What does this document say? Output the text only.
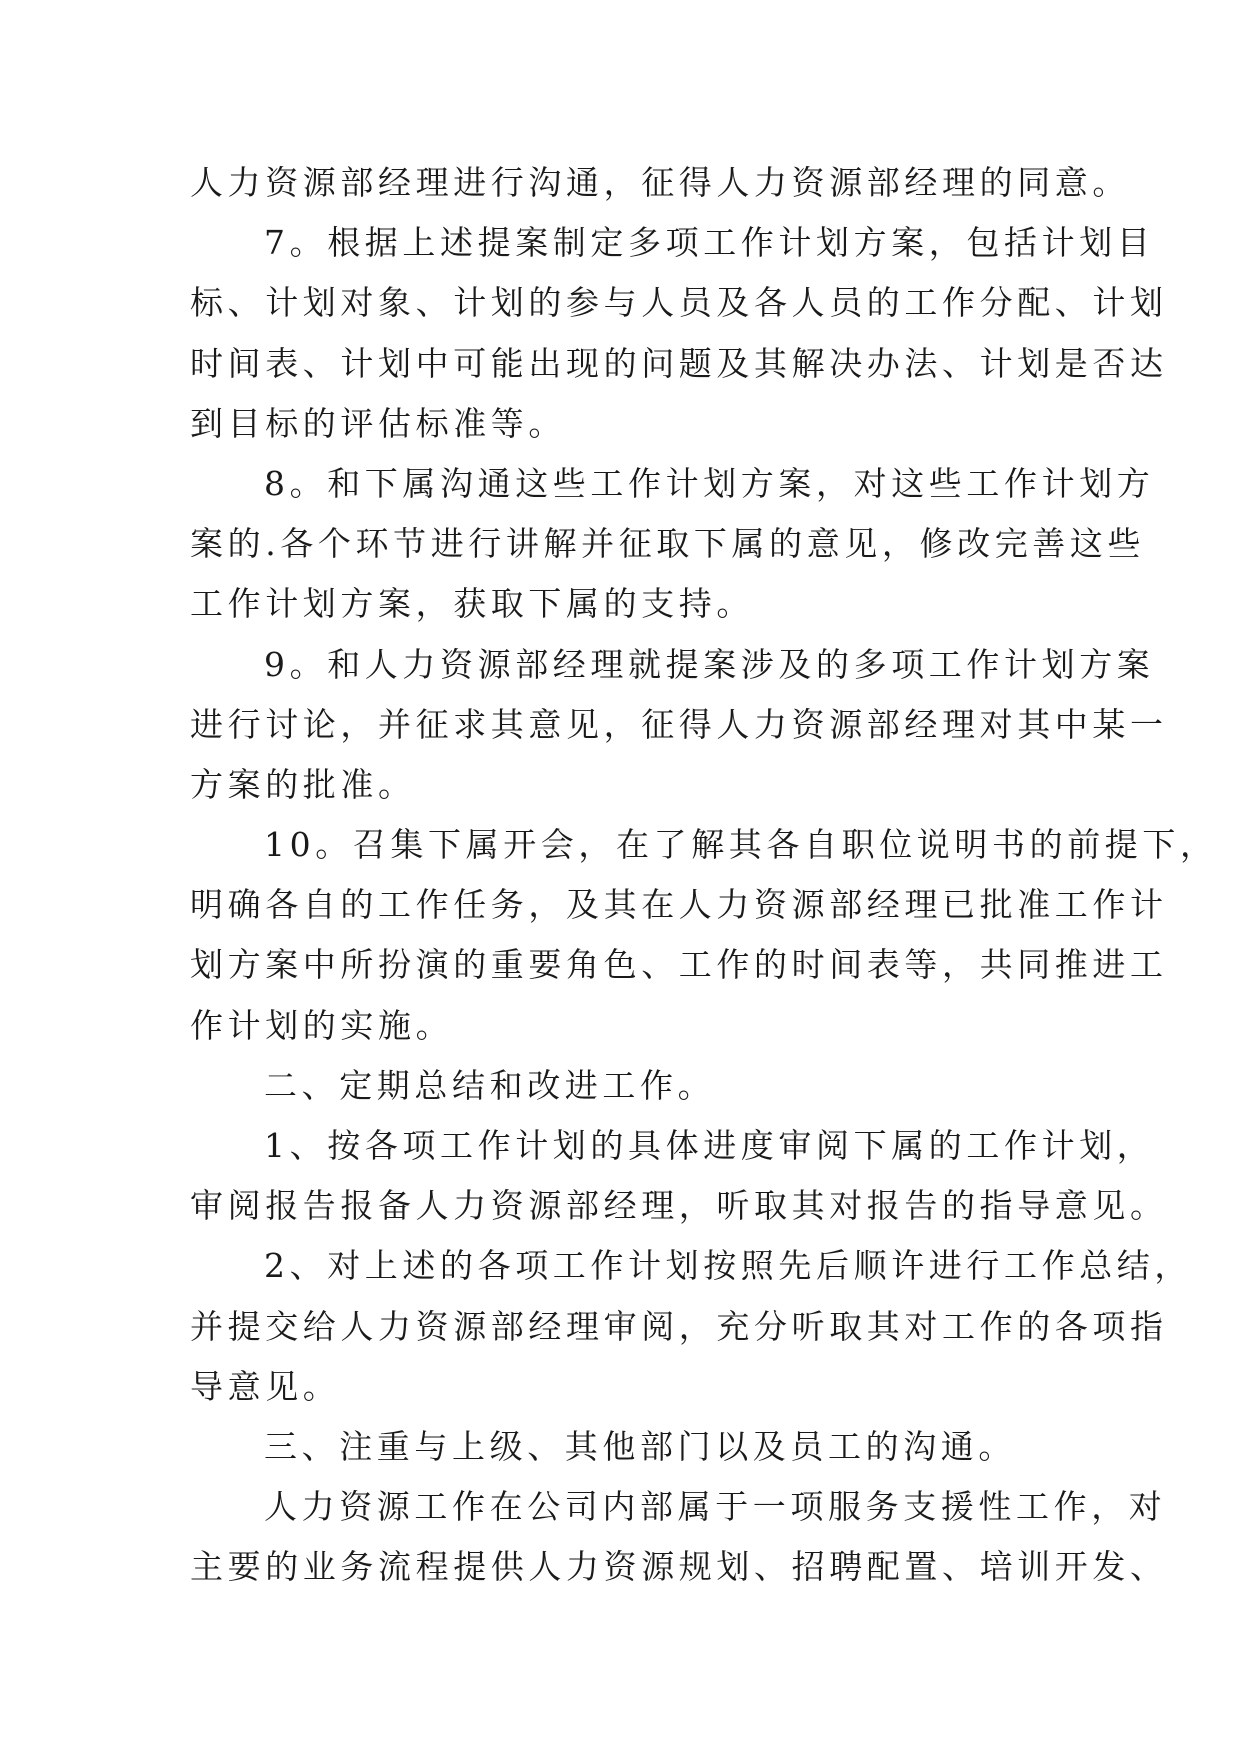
人力资源部经理进行沟通，征得人力资源部经理的同意。
7。根据上述提案制定多项工作计划方案，包括计划目
标、计划对象、计划的参与人员及各人员的工作分配、计划
时间表、计划中可能出现的问题及其解决办法、计划是否达
到目标的评估标准等。
8。和下属沟通这些工作计划方案，对这些工作计划方
案的.各个环节进行讲解并征取下属的意见，修改完善这些
工作计划方案，获取下属的支持。
9。和人力资源部经理就提案涉及的多项工作计划方案
进行讨论，并征求其意见，征得人力资源部经理对其中某一
方案的批准。
10。召集下属开会，在了解其各自职位说明书的前提下，
明确各自的工作任务，及其在人力资源部经理已批准工作计
划方案中所扮演的重要角色、工作的时间表等，共同推进工
作计划的实施。
二、定期总结和改进工作。
1、按各项工作计划的具体进度审阅下属的工作计划，
审阅报告报备人力资源部经理，听取其对报告的指导意见。
2、对上述的各项工作计划按照先后顺许进行工作总结，
并提交给人力资源部经理审阅，充分听取其对工作的各项指
导意见。
三、注重与上级、其他部门以及员工的沟通。
人力资源工作在公司内部属于一项服务支援性工作，对
主要的业务流程提供人力资源规划、招聘配置、培训开发、
